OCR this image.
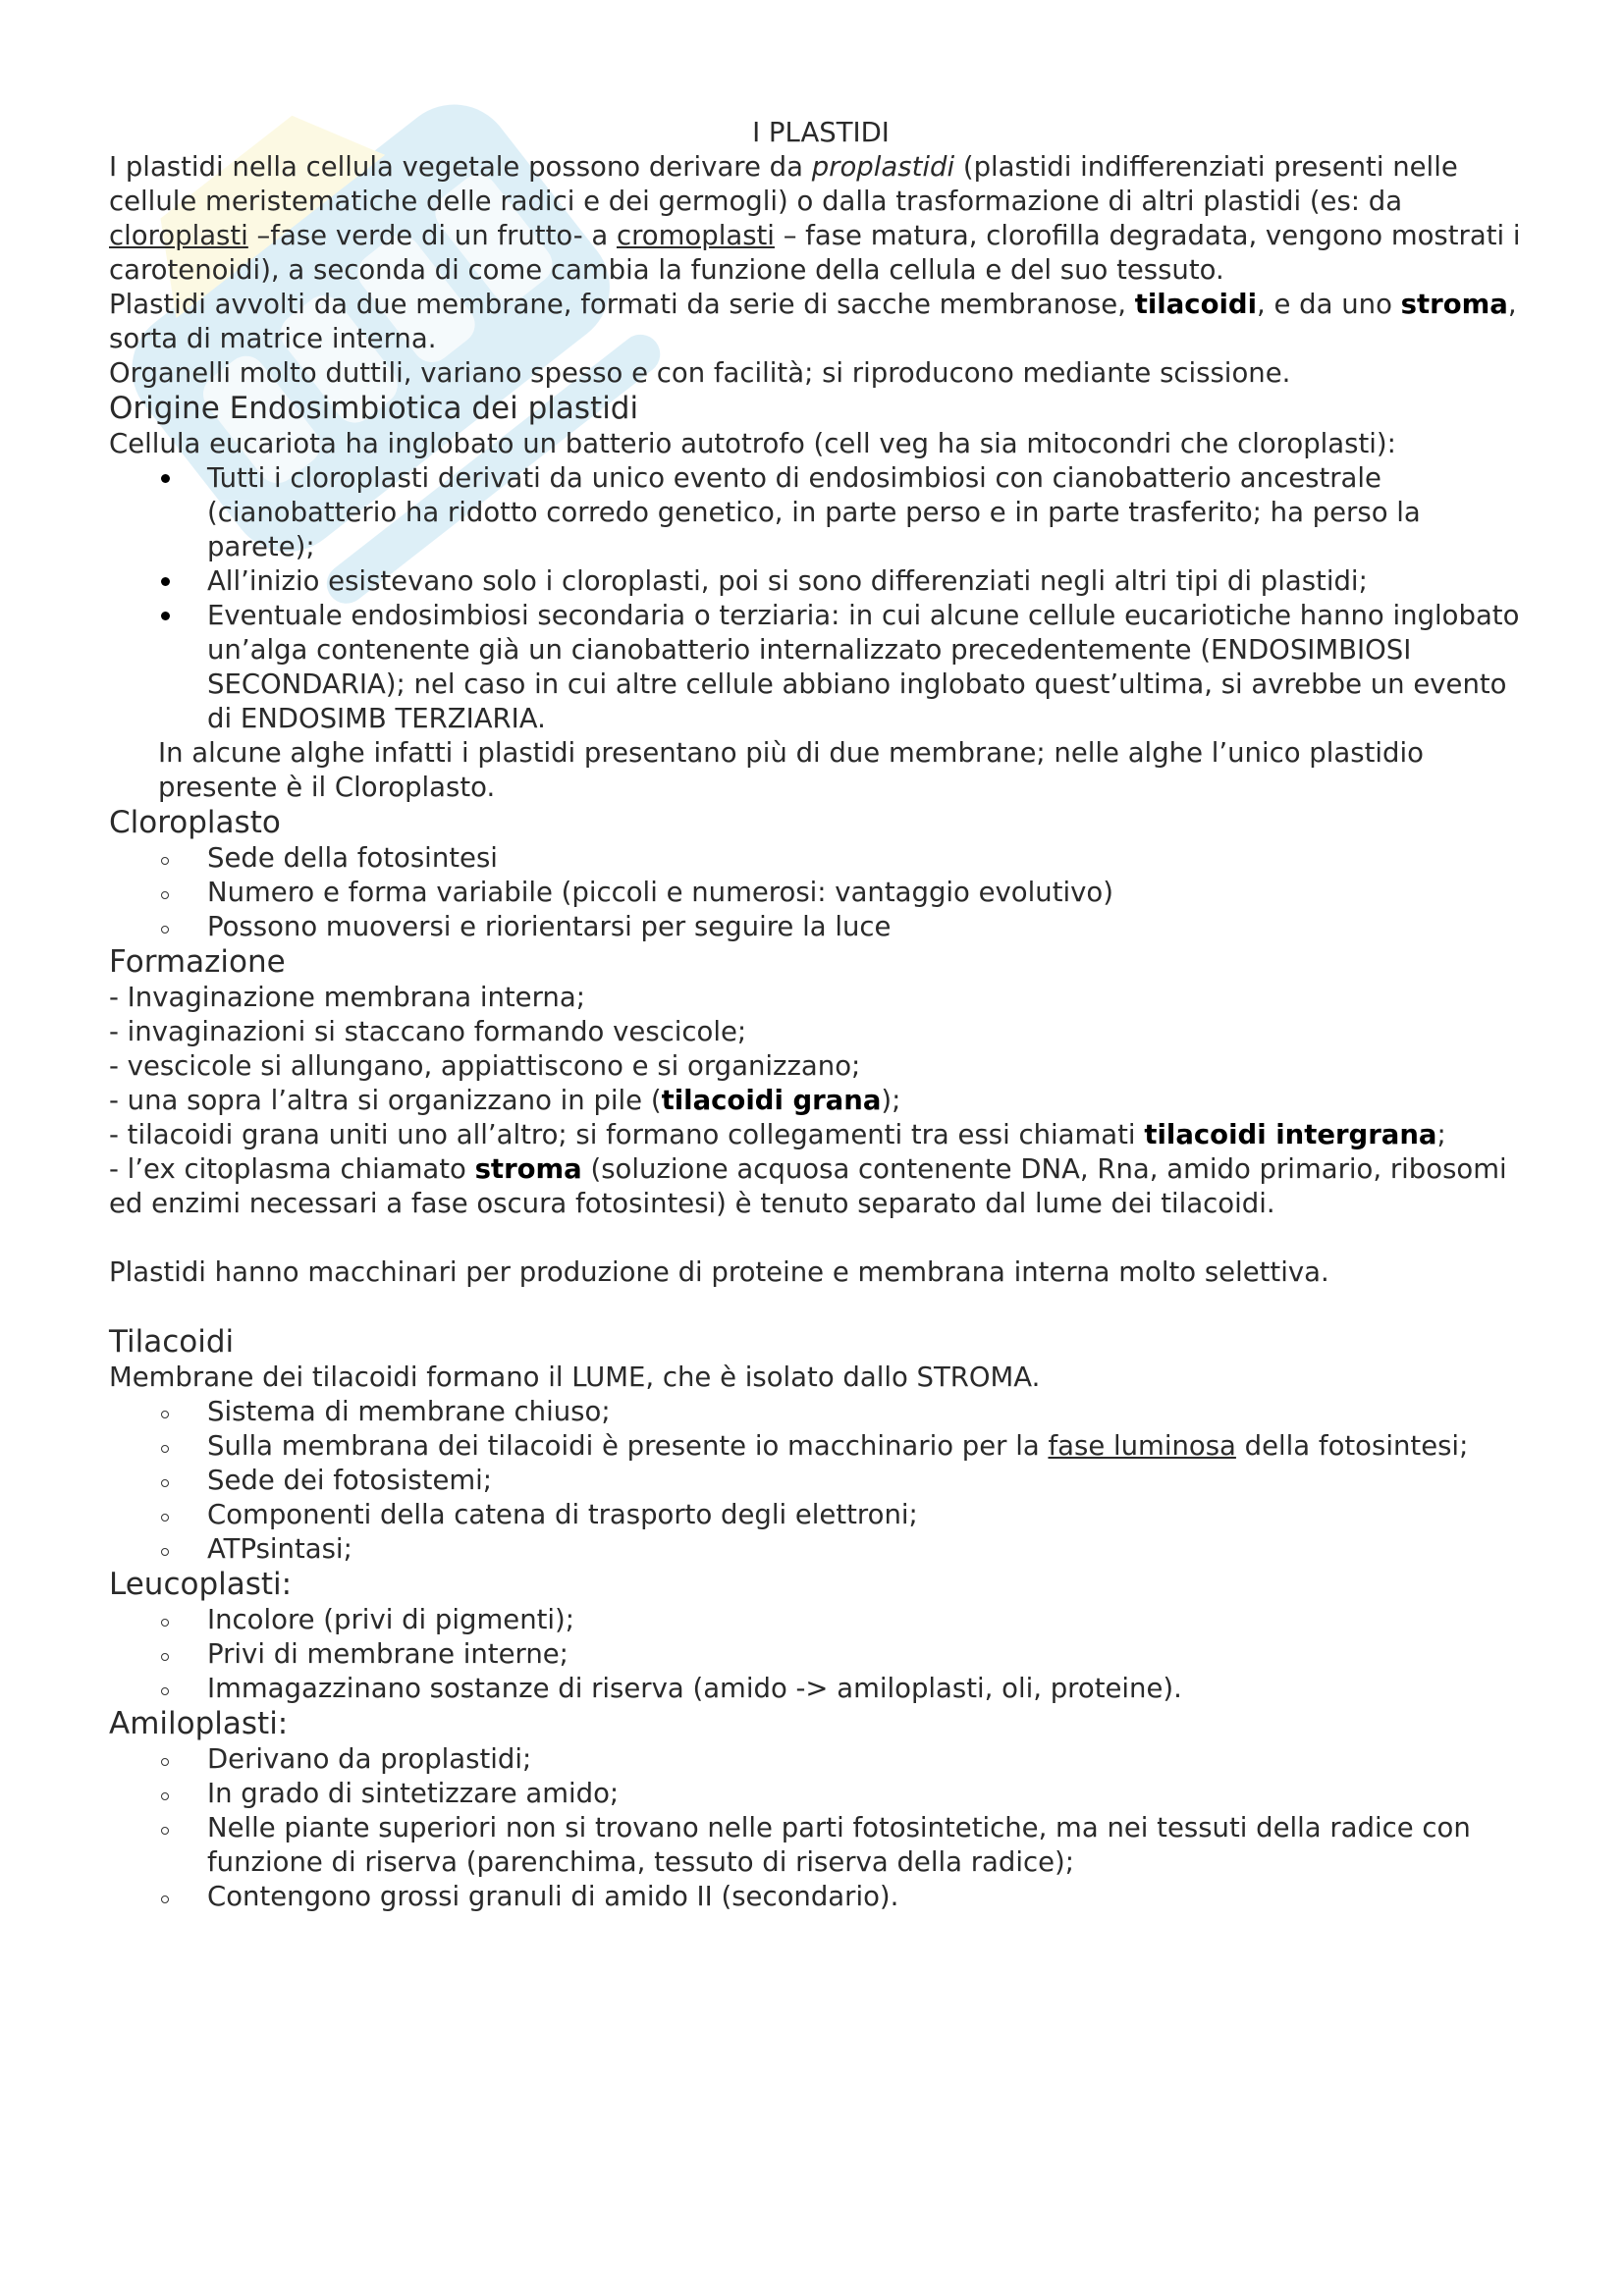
I PLASTIDI

I plastidi nella cellula vegetale possono derivare da proplastidi (plastidi indifferenziati presenti nelle cellule meristematiche delle radici e dei germogli) o dalla trasformazione di altri plastidi (es: da cloroplasti –fase verde di un frutto- a cromoplasti – fase matura, clorofilla degradata, vengono mostrati i carotenoidi), a seconda di come cambia la funzione della cellula e del suo tessuto.

Plastidi avvolti da due membrane, formati da serie di sacche membranose, tilacoidi, e da uno stroma, sorta di matrice interna.

Organelli molto duttili, variano spesso e con facilità; si riproducono mediante scissione.

Origine Endosimbiotica dei plastidi

Cellula eucariota ha inglobato un batterio autotrofo (cell veg ha sia mitocondri che cloroplasti):

Tutti i cloroplasti derivati da unico evento di endosimbiosi con cianobatterio ancestrale (cianobatterio ha ridotto corredo genetico, in parte perso e in parte trasferito; ha perso la parete);
All’inizio esistevano solo i cloroplasti, poi si sono differenziati negli altri tipi di plastidi;
Eventuale endosimbiosi secondaria o terziaria: in cui alcune cellule eucariotiche hanno inglobato un’alga contenente già un cianobatterio internalizzato precedentemente (ENDOSIMBIOSI SECONDARIA); nel caso in cui altre cellule abbiano inglobato quest’ultima, si avrebbe un evento di ENDOSIMB TERZIARIA.

In alcune alghe infatti i plastidi presentano più di due membrane; nelle alghe l’unico plastidio presente è il Cloroplasto.

Cloroplasto

Sede della fotosintesi
Numero e forma variabile (piccoli e numerosi: vantaggio evolutivo)
Possono muoversi e riorientarsi per seguire la luce

Formazione

- Invaginazione membrana interna;

- invaginazioni si staccano formando vescicole;

- vescicole si allungano, appiattiscono e si organizzano;

- una sopra l’altra si organizzano in pile (tilacoidi grana);

- tilacoidi grana uniti uno all’altro; si formano collegamenti tra essi chiamati tilacoidi intergrana;

- l’ex citoplasma chiamato stroma (soluzione acquosa contenente DNA, Rna, amido primario, ribosomi ed enzimi necessari a fase oscura fotosintesi) è tenuto separato dal lume dei tilacoidi.

Plastidi hanno macchinari per produzione di proteine e membrana interna molto selettiva.

Tilacoidi

Membrane dei tilacoidi formano il LUME, che è isolato dallo STROMA.

Sistema di membrane chiuso;
Sulla membrana dei tilacoidi è presente io macchinario per la fase luminosa della fotosintesi;
Sede dei fotosistemi;
Componenti della catena di trasporto degli elettroni;
ATPsintasi;

Leucoplasti:

Incolore (privi di pigmenti);
Privi di membrane interne;
Immagazzinano sostanze di riserva (amido -> amiloplasti, oli, proteine).

Amiloplasti:

Derivano da proplastidi;
In grado di sintetizzare amido;
Nelle piante superiori non si trovano nelle parti fotosintetiche, ma nei tessuti della radice con funzione di riserva (parenchima, tessuto di riserva della radice);
Contengono grossi granuli di amido II (secondario).
